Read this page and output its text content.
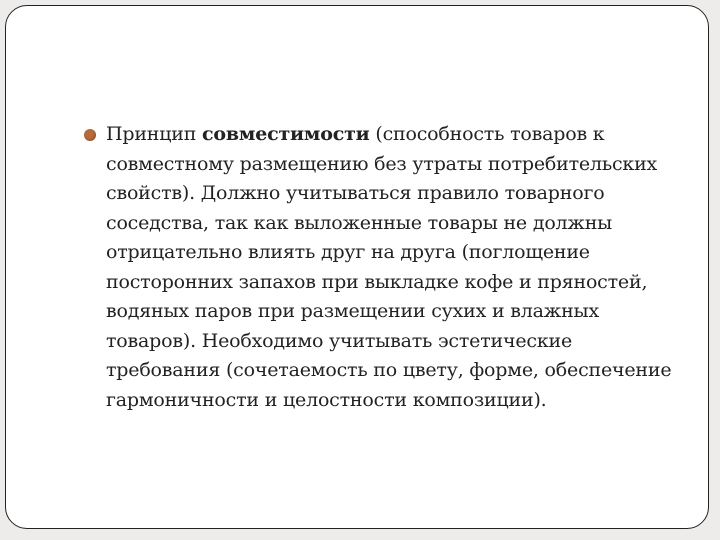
Принцип совместимости (способность товаров к совместному размещению без утраты потребительских свойств). Должно учитываться правило товарного соседства, так как выложенные товары не должны отрицательно влиять друг на друга (поглощение посторонних запахов при выкладке кофе и пряностей, водяных паров при размещении сухих и влажных товаров). Необходимо учитывать эстетические требования (сочетаемость по цвету, форме, обеспечение гармоничности и целостности композиции).
